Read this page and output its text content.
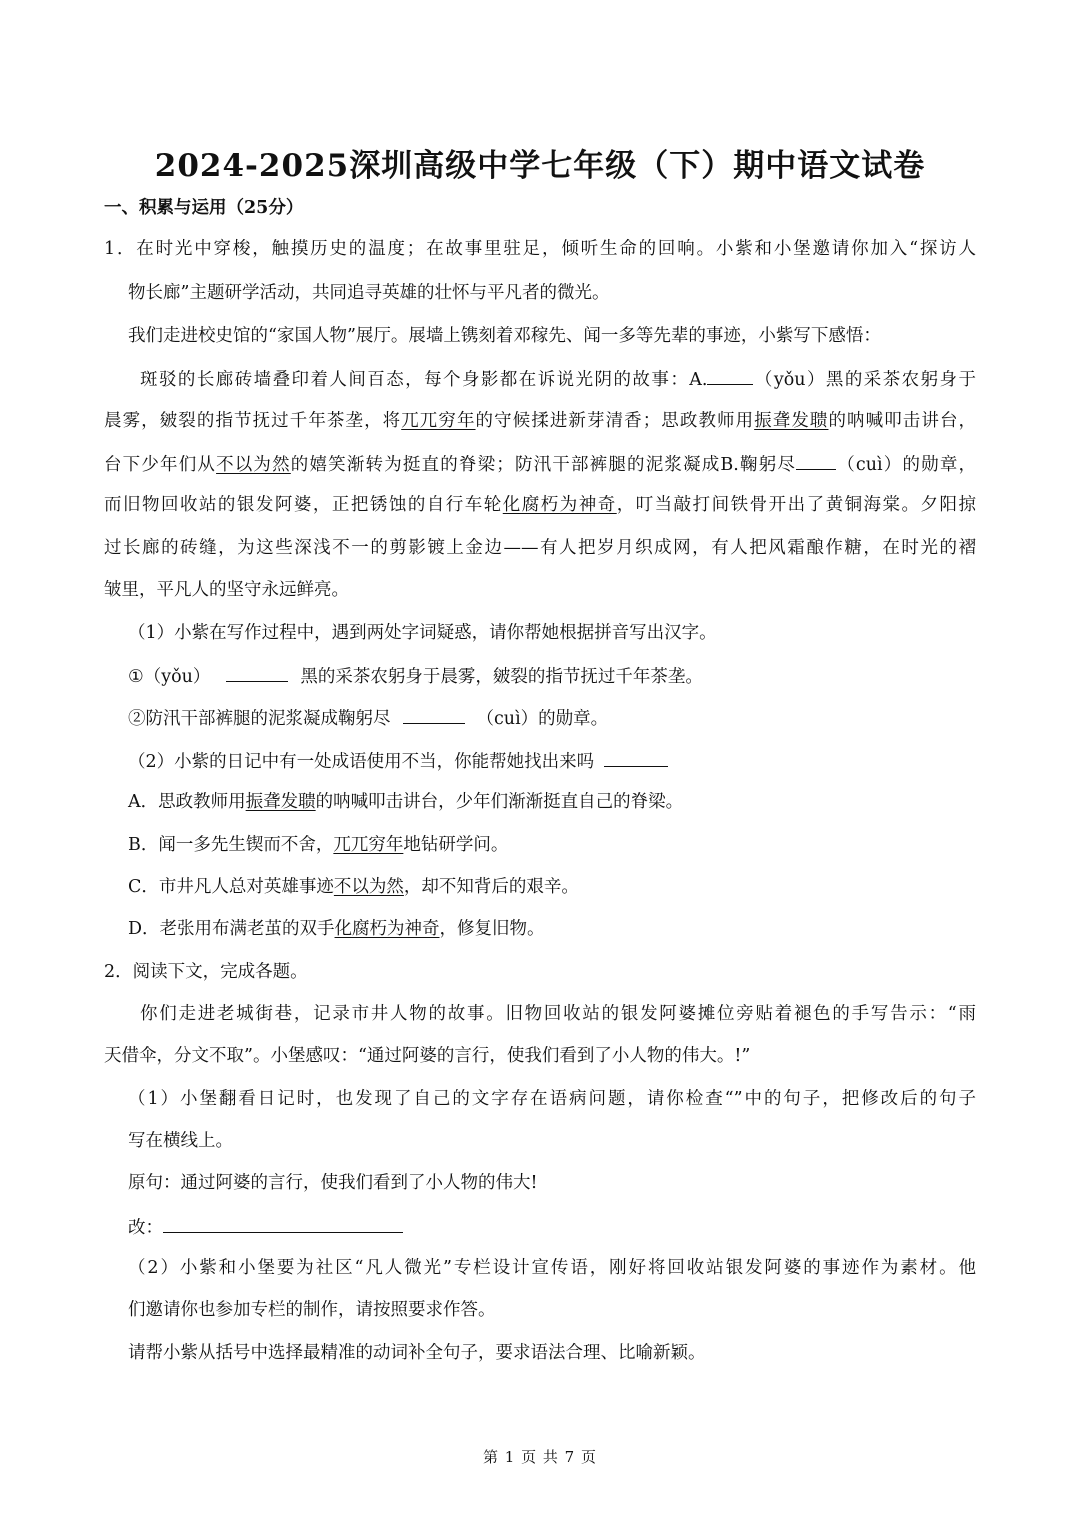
2024-2025深圳高级中学七年级（下）期中语文试卷
一、积累与运用（25分）
1．在时光中穿梭，触摸历史的温度；在故事里驻足，倾听生命的回响。小紫和小堡邀请你加入“探访人
物长廊”主题研学活动，共同追寻英雄的壮怀与平凡者的微光。
我们走进校史馆的“家国人物”展厅。展墙上镌刻着邓稼先、闻一多等先辈的事迹，小紫写下感悟：
斑驳的长廊砖墙叠印着人间百态，每个身影都在诉说光阴的故事：A.	（yǒu）黑的采茶农躬身于
晨雾，皴裂的指节抚过千年茶垄，将兀兀穷年的守候揉进新芽清香；思政教师用振聋发聩的呐喊叩击讲台，
台下少年们从不以为然的嬉笑渐转为挺直的脊梁；防汛干部裤腿的泥浆凝成B.鞠躬尽 （cuì）的勋章，
而旧物回收站的银发阿婆，正把锈蚀的自行车轮化腐朽为神奇，叮当敲打间铁骨开出了黄铜海棠。夕阳掠
过长廊的砖缝，为这些深浅不一的剪影镀上金边——有人把岁月织成网，有人把风霜酿作糖，在时光的褶
皱里，平凡人的坚守永远鲜亮。
（1）小紫在写作过程中，遇到两处字词疑惑，请你帮她根据拼音写出汉字。
①（yǒu）	黑的采茶农躬身于晨雾，皴裂的指节抚过千年茶垄。
②防汛干部裤腿的泥浆凝成鞠躬尽	（cuì）的勋章。
（2）小紫的日记中有一处成语使用不当，你能帮她找出来吗
A．思政教师用振聋发聩的呐喊叩击讲台，少年们渐渐挺直自己的脊梁。
B．闻一多先生锲而不舍，兀兀穷年地钻研学问。
C．市井凡人总对英雄事迹不以为然，却不知背后的艰辛。
D．老张用布满老茧的双手化腐朽为神奇，修复旧物。
2．阅读下文，完成各题。
你们走进老城街巷，记录市井人物的故事。旧物回收站的银发阿婆摊位旁贴着褪色的手写告示：“雨
天借伞，分文不取”。小堡感叹：“通过阿婆的言行，使我们看到了小人物的伟大。!”
（1）小堡翻看日记时，也发现了自己的文字存在语病问题，请你检查“”中的句子，把修改后的句子
写在横线上。
原句：通过阿婆的言行，使我们看到了小人物的伟大!
改：
（2）小紫和小堡要为社区“凡人微光”专栏设计宣传语，刚好将回收站银发阿婆的事迹作为素材。他
们邀请你也参加专栏的制作，请按照要求作答。
请帮小紫从括号中选择最精准的动词补全句子，要求语法合理、比喻新颖。
第 1 页 共 7 页
